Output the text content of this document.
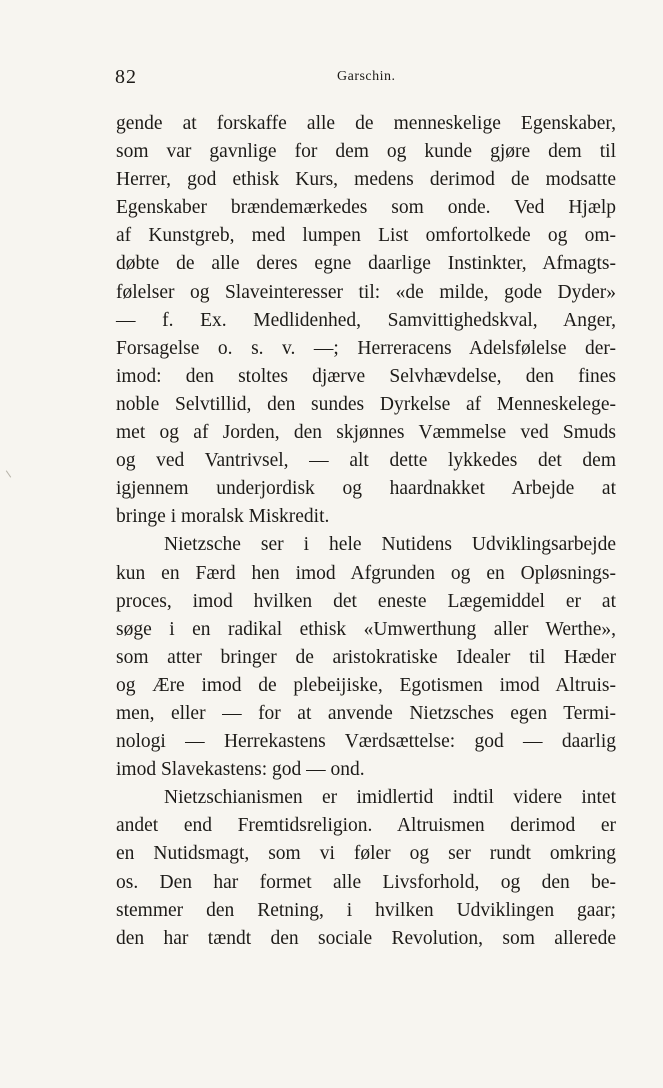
82	Garschin.
gende at forskaffe alle de menneskelige Egenskaber,
som var gavnlige for dem og kunde gjøre dem til
Herrer, god ethisk Kurs, medens derimod de modsatte
Egenskaber brændemærkedes som onde. Ved Hjælp
af Kunstgreb, med lumpen List omfortolkede og om-
døbte de alle deres egne daarlige Instinkter, Afmagts-
følelser og Slaveinteresser til: «de milde, gode Dyder»
— f. Ex. Medlidenhed, Samvittighedskval, Anger,
Forsagelse o. s. v. —; Herreracens Adelsfølelse der-
imod: den stoltes djærve Selvhævdelse, den fines
noble Selvtillid, den sundes Dyrkelse af Menneskelege-
met og af Jorden, den skjønnes Væmmelse ved Smuds
og ved Vantrivsel, — alt dette lykkedes det dem
igjennem underjordisk og haardnakket Arbejde at
bringe i moralsk Miskredit.
Nietzsche ser i hele Nutidens Udviklingsarbejde
kun en Færd hen imod Afgrunden og en Opløsnings-
proces, imod hvilken det eneste Lægemiddel er at
søge i en radikal ethisk «Umwerthung aller Werthe»,
som atter bringer de aristokratiske Idealer til Hæder
og Ære imod de plebeijiske, Egotismen imod Altruis-
men, eller — for at anvende Nietzsches egen Termi-
nologi — Herrekastens Værdsættelse: god — daarlig
imod Slavekastens: god — ond.
Nietzschianismen er imidlertid indtil videre intet
andet end Fremtidsreligion. Altruismen derimod er
en Nutidsmagt, som vi føler og ser rundt omkring
os. Den har formet alle Livsforhold, og den be-
stemmer den Retning, i hvilken Udviklingen gaar;
den har tændt den sociale Revolution, som allerede
